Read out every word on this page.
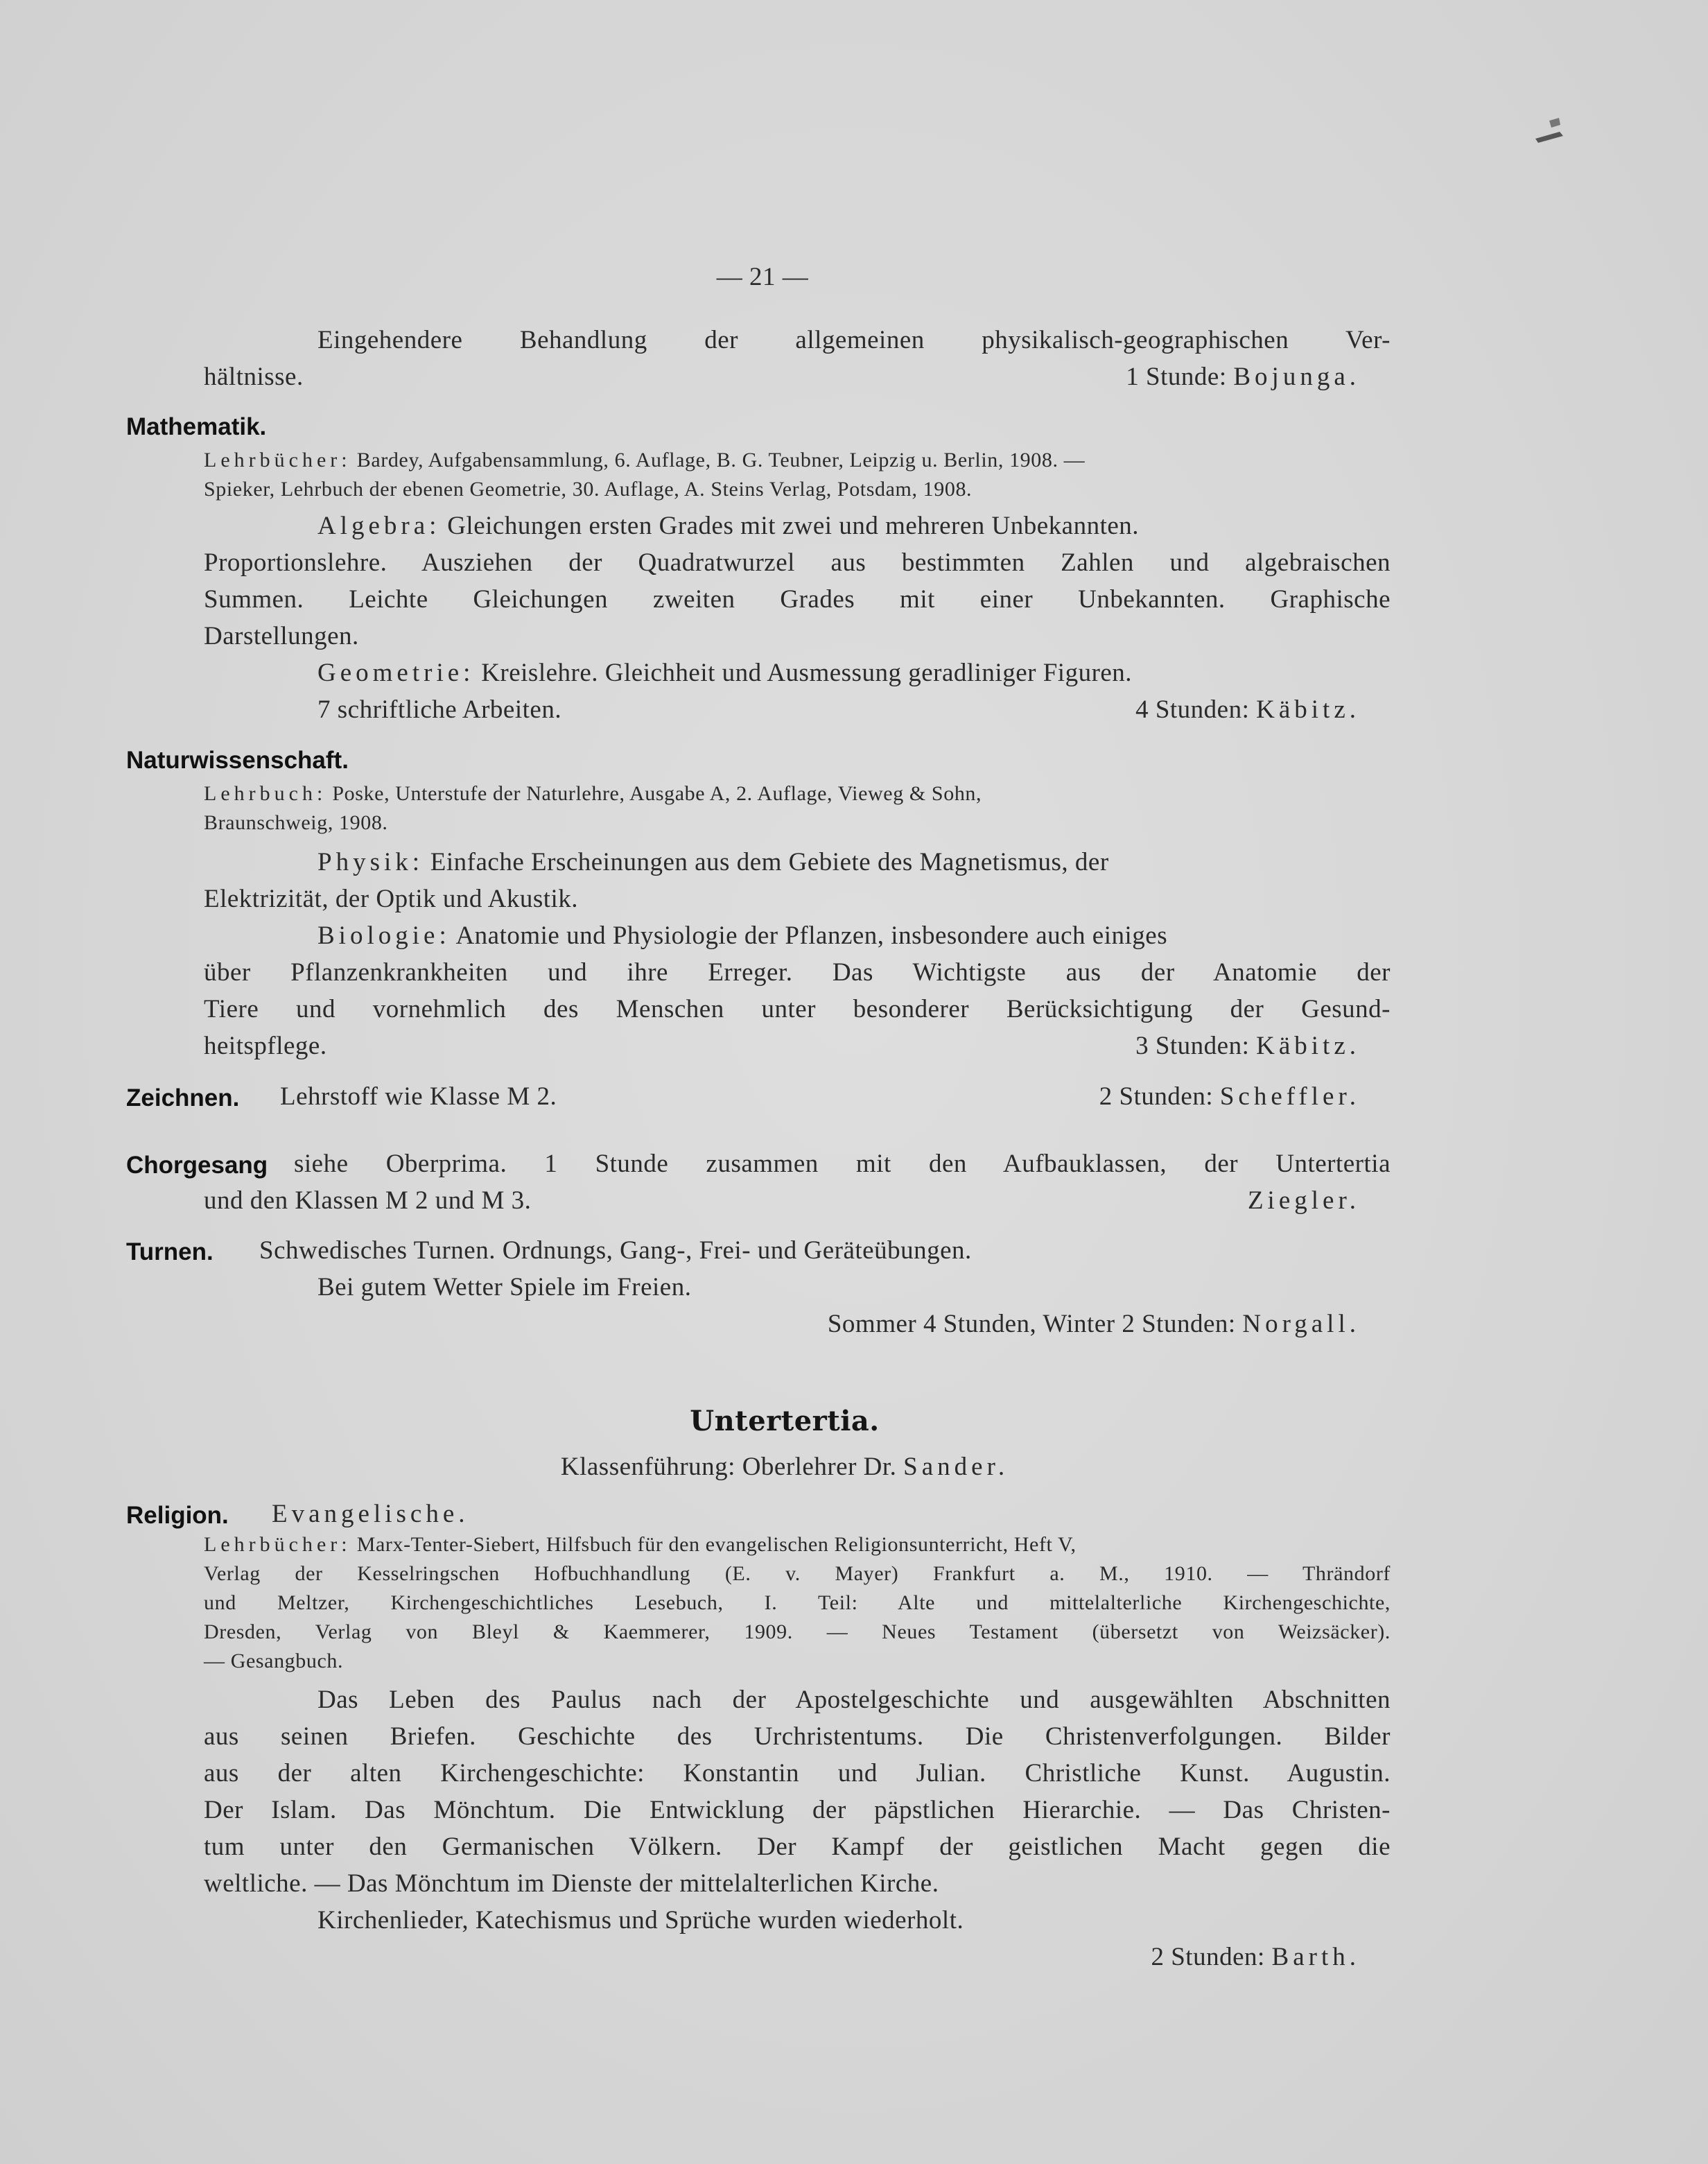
— 21 —
Eingehendere Behandlung der allgemeinen physikalisch-geographischen Ver-
hältnisse.	1 Stunde: Bojunga.
Mathematik.
Lehrbücher: Bardey, Aufgabensammlung, 6. Auflage, B. G. Teubner, Leipzig u. Berlin, 1908. —
Spieker, Lehrbuch der ebenen Geometrie, 30. Auflage, A. Steins Verlag, Potsdam, 1908.
Algebra: Gleichungen ersten Grades mit zwei und mehreren Unbekannten.
Proportionslehre. Ausziehen der Quadratwurzel aus bestimmten Zahlen und algebraischen
Summen. Leichte Gleichungen zweiten Grades mit einer Unbekannten. Graphische
Darstellungen.
Geometrie: Kreislehre. Gleichheit und Ausmessung geradliniger Figuren.
7 schriftliche Arbeiten.	4 Stunden: Käbitz.
Naturwissenschaft.
Lehrbuch: Poske, Unterstufe der Naturlehre, Ausgabe A, 2. Auflage, Vieweg & Sohn,
Braunschweig, 1908.
Physik: Einfache Erscheinungen aus dem Gebiete des Magnetismus, der
Elektrizität, der Optik und Akustik.
Biologie: Anatomie und Physiologie der Pflanzen, insbesondere auch einiges
über Pflanzenkrankheiten und ihre Erreger. Das Wichtigste aus der Anatomie der
Tiere und vornehmlich des Menschen unter besonderer Berücksichtigung der Gesund-
heitspflege.	3 Stunden: Käbitz.
Zeichnen. Lehrstoff wie Klasse M 2.	2 Stunden: Scheffler.
Chorgesang siehe Oberprima. 1 Stunde zusammen mit den Aufbauklassen, der Untertertia
und den Klassen M 2 und M 3.	Ziegler.
Turnen. Schwedisches Turnen. Ordnungs, Gang-, Frei- und Geräteübungen.
Bei gutem Wetter Spiele im Freien.
Sommer 4 Stunden, Winter 2 Stunden: Norgall.
Untertertia.
Klassenführung: Oberlehrer Dr. Sander.
Religion. Evangelische.
Lehrbücher: Marx-Tenter-Siebert, Hilfsbuch für den evangelischen Religionsunterricht, Heft V,
Verlag der Kesselringschen Hofbuchhandlung (E. v. Mayer) Frankfurt a. M., 1910. — Thrändorf
und Meltzer, Kirchengeschichtliches Lesebuch, I. Teil: Alte und mittelalterliche Kirchengeschichte,
Dresden, Verlag von Bleyl & Kaemmerer, 1909. — Neues Testament (übersetzt von Weizsäcker).
— Gesangbuch.
Das Leben des Paulus nach der Apostelgeschichte und ausgewählten Abschnitten
aus seinen Briefen. Geschichte des Urchristentums. Die Christenverfolgungen. Bilder
aus der alten Kirchengeschichte: Konstantin und Julian. Christliche Kunst. Augustin.
Der Islam. Das Mönchtum. Die Entwicklung der päpstlichen Hierarchie. — Das Christen-
tum unter den Germanischen Völkern. Der Kampf der geistlichen Macht gegen die
weltliche. — Das Mönchtum im Dienste der mittelalterlichen Kirche.
Kirchenlieder, Katechismus und Sprüche wurden wiederholt.
2 Stunden: Barth.
